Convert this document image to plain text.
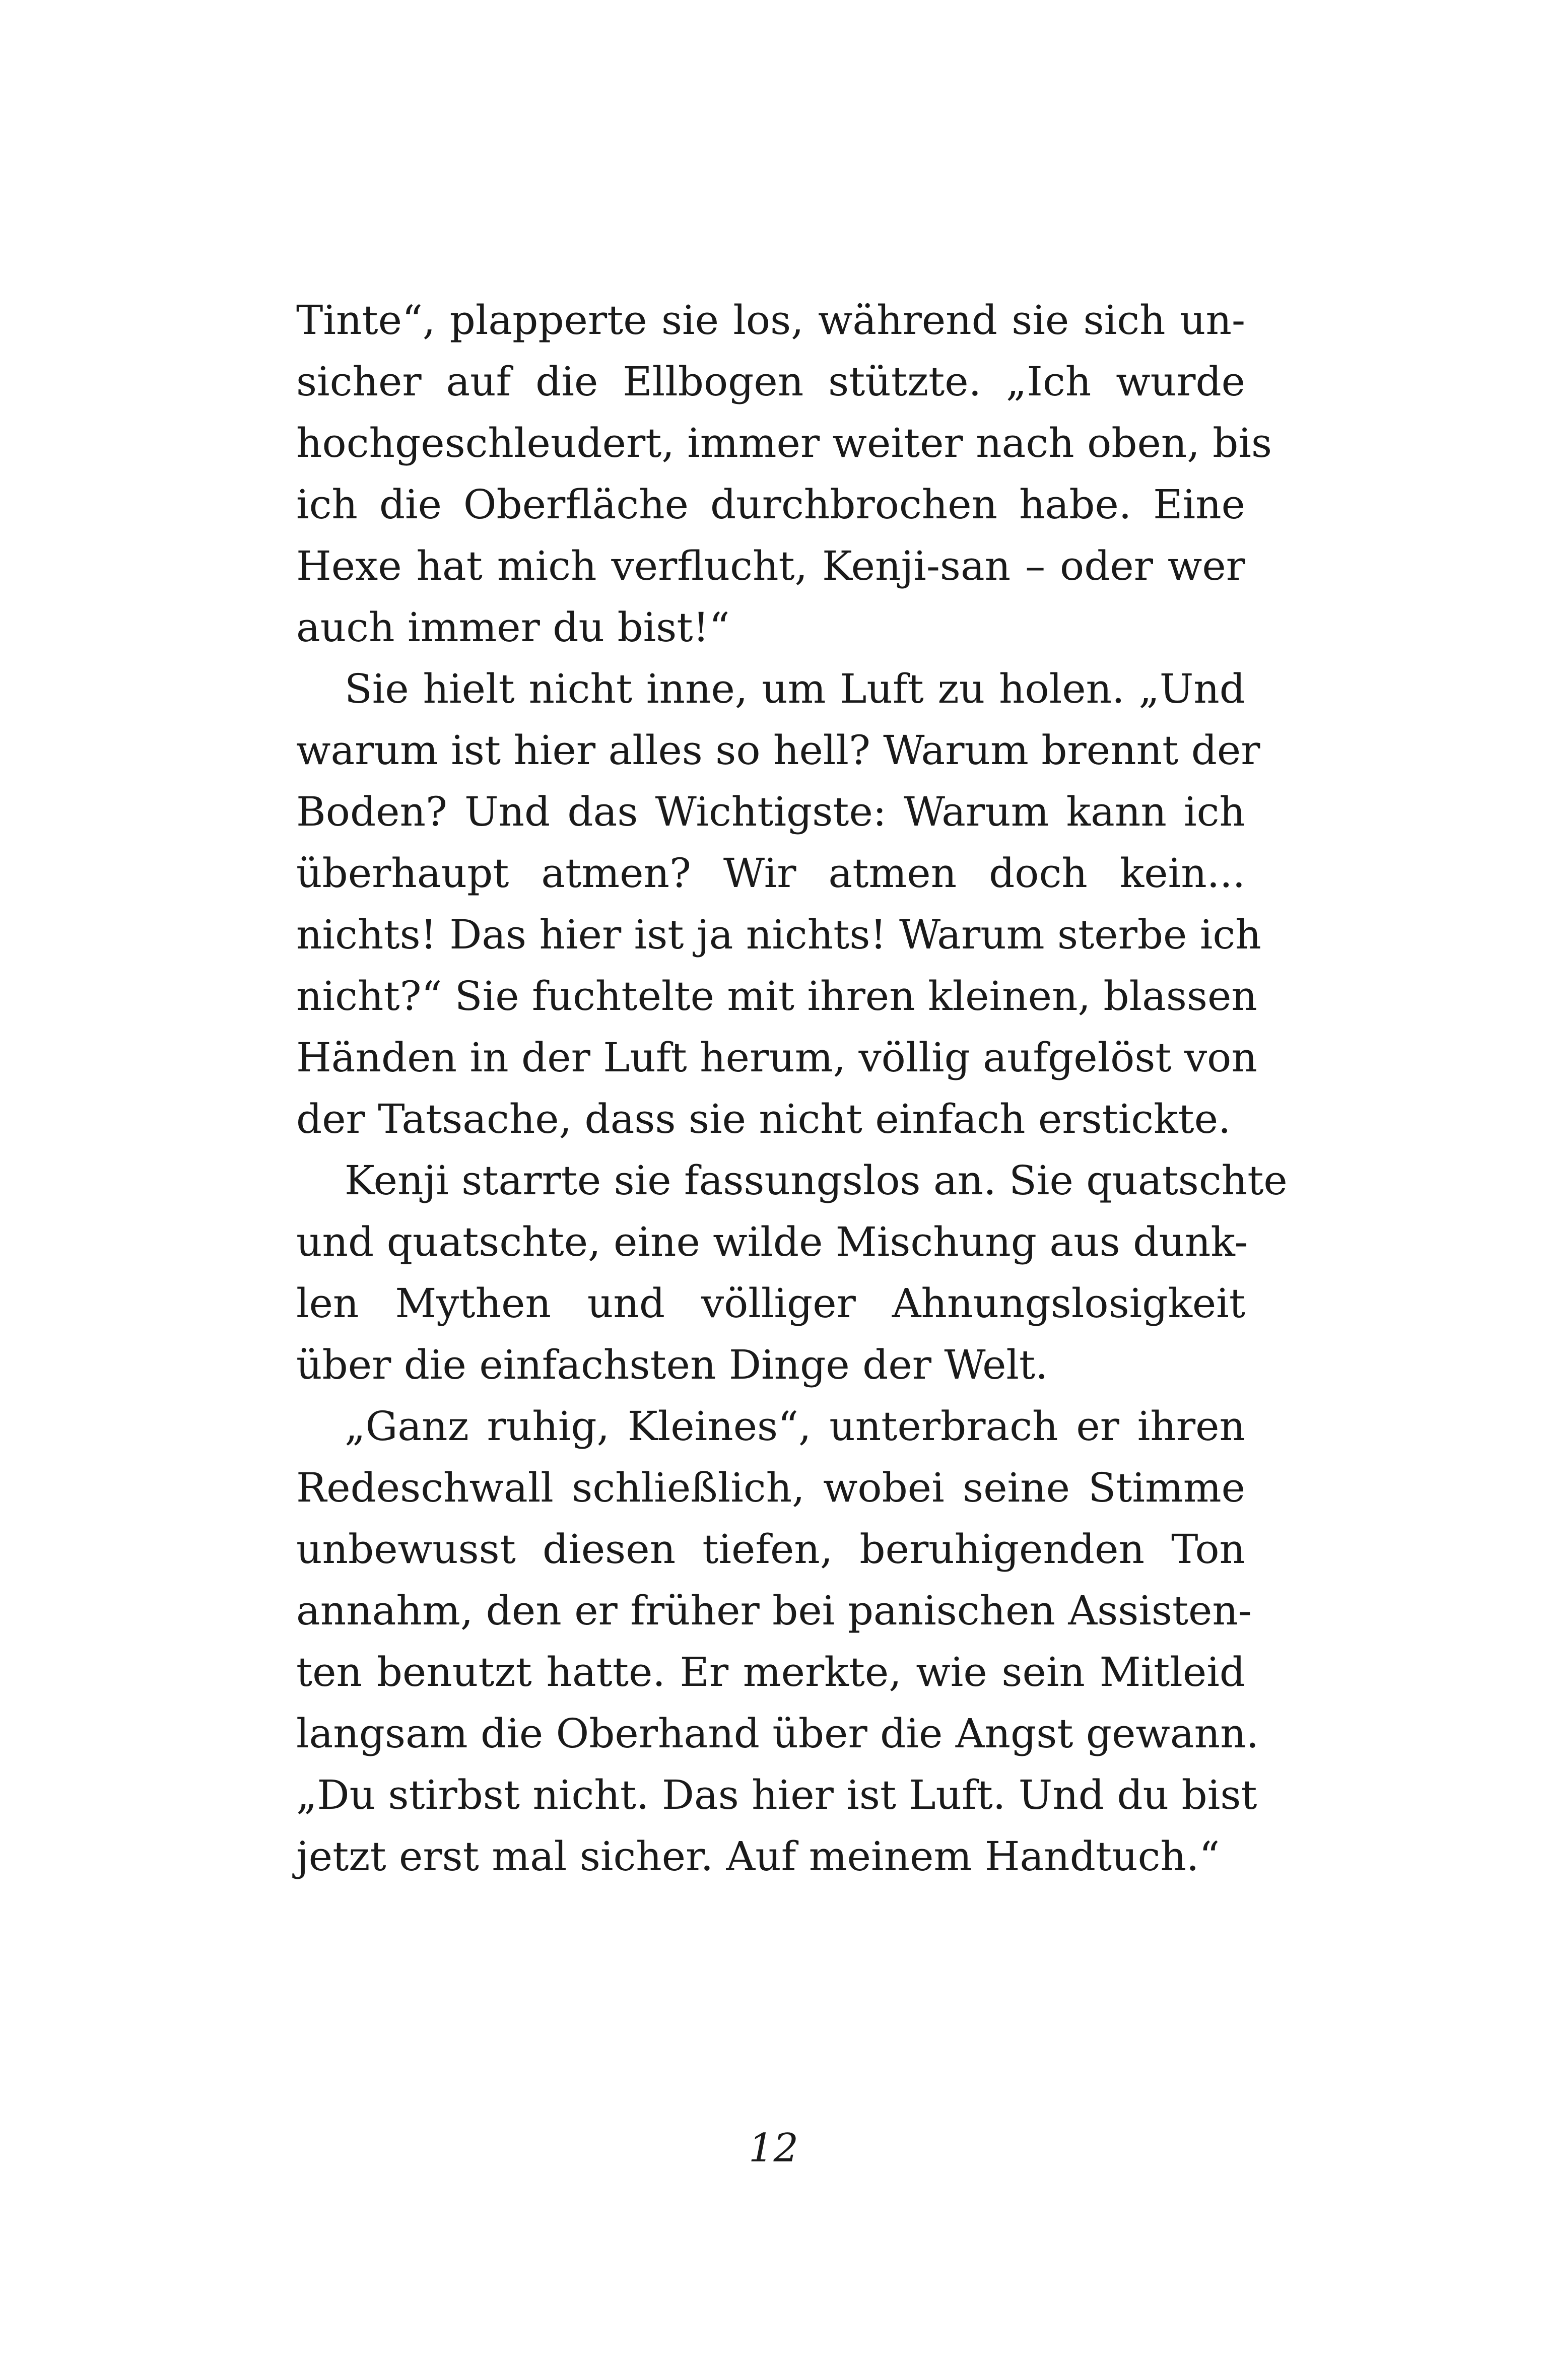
Tinte“, plapperte sie los, während sie sich un-
sicher auf die Ellbogen stützte. „Ich wurde
hochgeschleudert, immer weiter nach oben, bis
ich die Oberfläche durchbrochen habe. Eine
Hexe hat mich verflucht, Kenji-san – oder wer
auch immer du bist!“
Sie hielt nicht inne, um Luft zu holen. „Und
warum ist hier alles so hell? Warum brennt der
Boden? Und das Wichtigste: Warum kann ich
überhaupt atmen? Wir atmen doch kein...
nichts! Das hier ist ja nichts! Warum sterbe ich
nicht?“ Sie fuchtelte mit ihren kleinen, blassen
Händen in der Luft herum, völlig aufgelöst von
der Tatsache, dass sie nicht einfach erstickte.
Kenji starrte sie fassungslos an. Sie quatschte
und quatschte, eine wilde Mischung aus dunk-
len Mythen und völliger Ahnungslosigkeit
über die einfachsten Dinge der Welt.
„Ganz ruhig, Kleines“, unterbrach er ihren
Redeschwall schließlich, wobei seine Stimme
unbewusst diesen tiefen, beruhigenden Ton
annahm, den er früher bei panischen Assisten-
ten benutzt hatte. Er merkte, wie sein Mitleid
langsam die Oberhand über die Angst gewann.
„Du stirbst nicht. Das hier ist Luft. Und du bist
jetzt erst mal sicher. Auf meinem Handtuch.“
12
